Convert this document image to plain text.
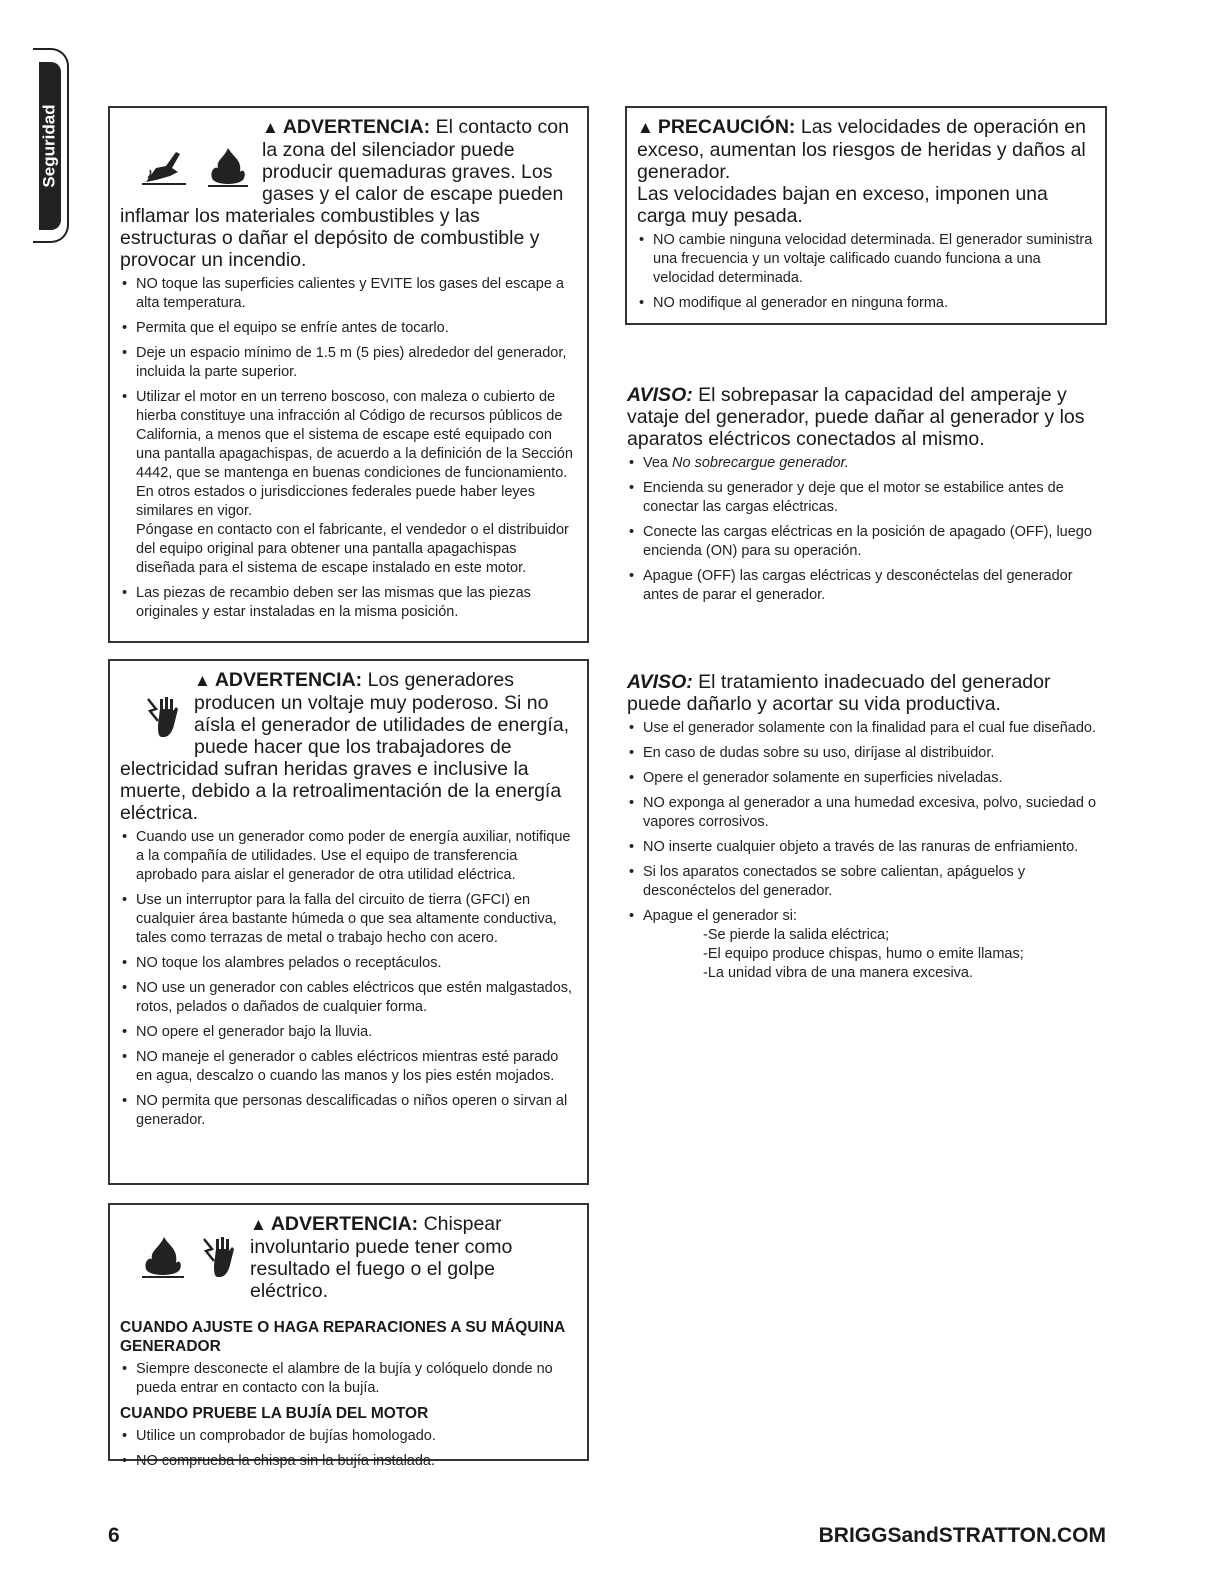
Seguridad	▲ ADVERTENCIA: El contacto con la zona del silenciador puede producir quemaduras graves. Los gases y el calor de escape pueden inflamar los materiales combustibles y las estructuras o dañar el depósito de combustible y provocar un incendio.
• NO toque las superficies calientes y EVITE los gases del escape a alta temperatura.
• Permita que el equipo se enfríe antes de tocarlo.
• Deje un espacio mínimo de 1.5 m (5 pies) alrededor del generador, incluida la parte superior.
• Utilizar el motor en un terreno boscoso, con maleza o cubierto de hierba constituye una infracción al Código de recursos públicos de California, a menos que el sistema de escape esté equipado con una pantalla apagachispas, de acuerdo a la definición de la Sección 4442, que se mantenga en buenas condiciones de funcionamiento. En otros estados o jurisdicciones federales puede haber leyes similares en vigor.
Póngase en contacto con el fabricante, el vendedor o el distribuidor del equipo original para obtener una pantalla apagachispas diseñada para el sistema de escape instalado en este motor.
• Las piezas de recambio deben ser las mismas que las piezas originales y estar instaladas en la misma posición.
▲ ADVERTENCIA: Los generadores producen un voltaje muy poderoso. Si no aísla el generador de utilidades de energía, puede hacer que los trabajadores de electricidad sufran heridas graves e inclusive la muerte, debido a la retroalimentación de la energía eléctrica.
• Cuando use un generador como poder de energía auxiliar, notifique a la compañía de utilidades. Use el equipo de transferencia aprobado para aislar el generador de otra utilidad eléctrica.
• Use un interruptor para la falla del circuito de tierra (GFCI) en cualquier área bastante húmeda o que sea altamente conductiva, tales como terrazas de metal o trabajo hecho con acero.
• NO toque los alambres pelados o receptáculos.
• NO use un generador con cables eléctricos que estén malgastados, rotos, pelados o dañados de cualquier forma.
• NO opere el generador bajo la lluvia.
• NO maneje el generador o cables eléctricos mientras esté parado en agua, descalzo o cuando las manos y los pies estén mojados.
• NO permita que personas descalificadas o niños operen o sirvan al generador.
▲ ADVERTENCIA: Chispear involuntario puede tener como resultado el fuego o el golpe eléctrico.
CUANDO AJUSTE O HAGA REPARACIONES A SU MÁQUINA GENERADOR
• Siempre desconecte el alambre de la bujía y colóquelo donde no pueda entrar en contacto con la bujía.
CUANDO PRUEBE LA BUJÍA DEL MOTOR
• Utilice un comprobador de bujías homologado.
• NO comprueba la chispa sin la bujía instalada.
▲ PRECAUCIÓN: Las velocidades de operación en exceso, aumentan los riesgos de heridas y daños al generador.
Las velocidades bajan en exceso, imponen una carga muy pesada.
• NO cambie ninguna velocidad determinada. El generador suministra una frecuencia y un voltaje calificado cuando funciona a una velocidad determinada.
• NO modifique al generador en ninguna forma.
AVISO: El sobrepasar la capacidad del amperaje y vataje del generador, puede dañar al generador y los aparatos eléctricos conectados al mismo.
• Vea No sobrecargue generador.
• Encienda su generador y deje que el motor se estabilice antes de conectar las cargas eléctricas.
• Conecte las cargas eléctricas en la posición de apagado (OFF), luego encienda (ON) para su operación.
• Apague (OFF) las cargas eléctricas y desconéctelas del generador antes de parar el generador.
AVISO: El tratamiento inadecuado del generador puede dañarlo y acortar su vida productiva.
• Use el generador solamente con la finalidad para el cual fue diseñado.
• En caso de dudas sobre su uso, diríjase al distribuidor.
• Opere el generador solamente en superficies niveladas.
• NO exponga al generador a una humedad excesiva, polvo, suciedad o vapores corrosivos.
• NO inserte cualquier objeto a través de las ranuras de enfriamiento.
• Si los aparatos conectados se sobre calientan, apáguelos y desconéctelos del generador.
• Apague el generador si:
-Se pierde la salida eléctrica;
-El equipo produce chispas, humo o emite llamas;
-La unidad vibra de una manera excesiva.
6	BRIGGSandSTRATTON.COM
